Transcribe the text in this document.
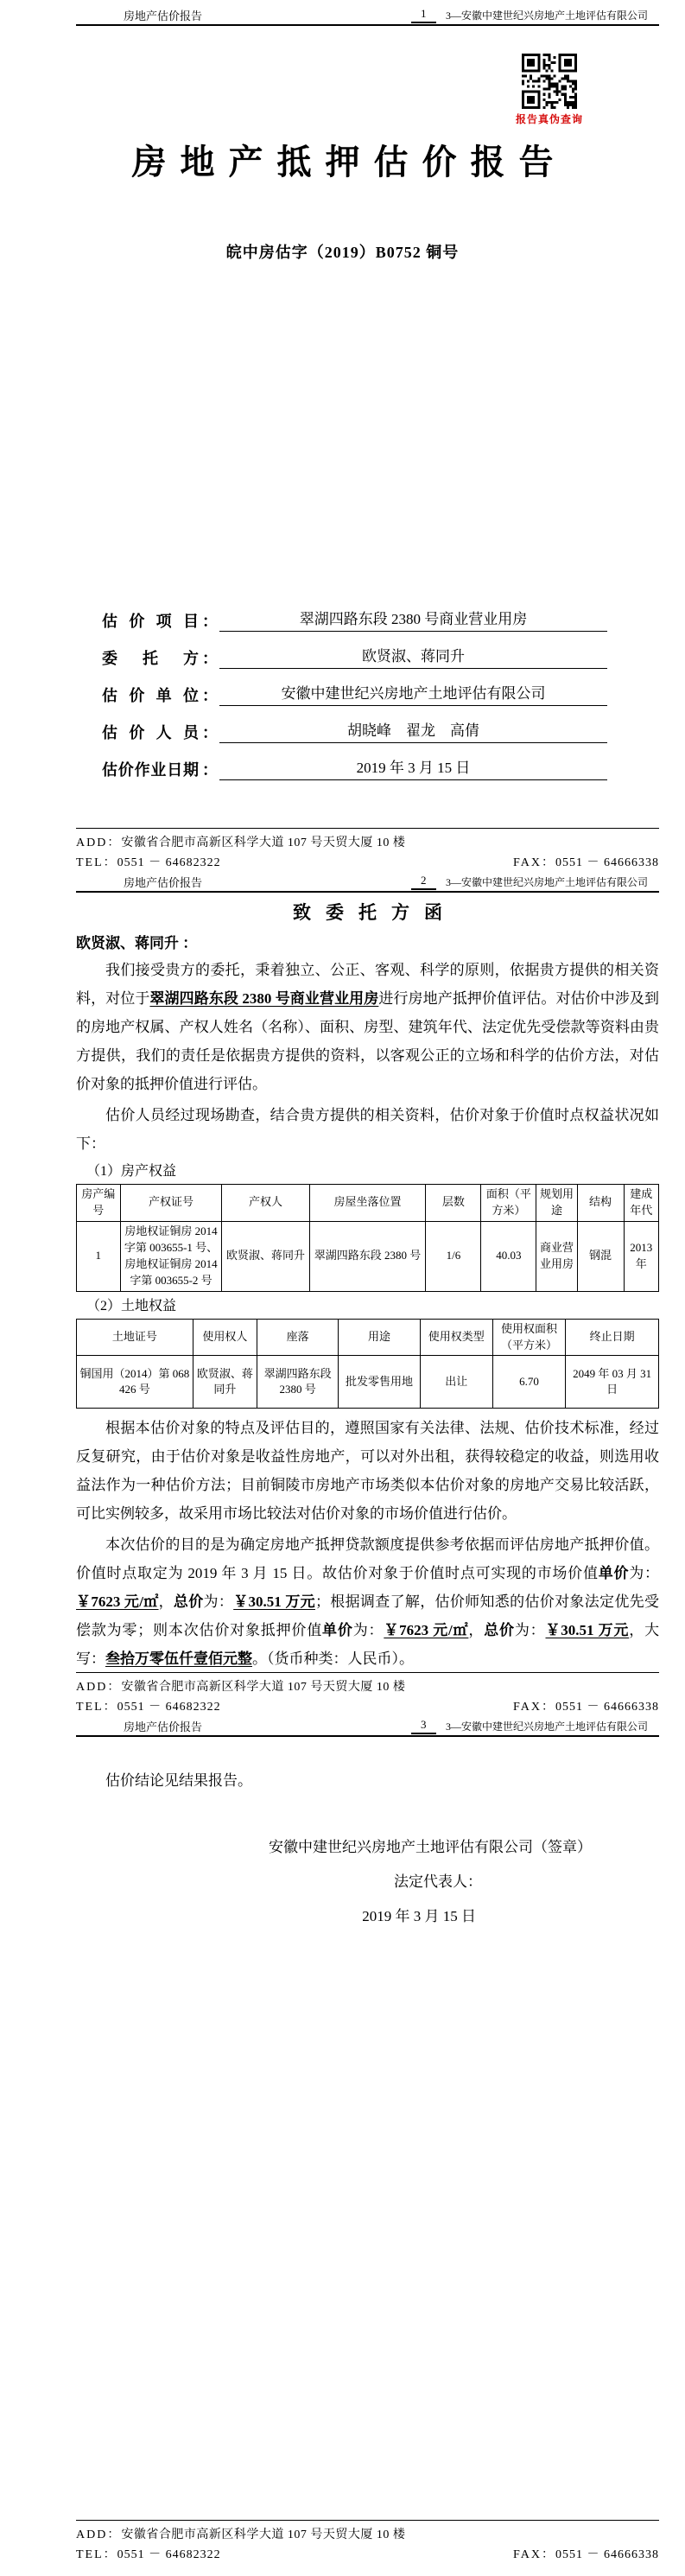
房地产估价报告	1	3—安徽中建世纪兴房地产土地评估有限公司
报告真伪查询
房地产抵押估价报告
皖中房估字（2019）B0752 铜号
估价项目 ：	翠湖四路东段 2380 号商业营业用房
委托方 ：	欧贤淑、蒋同升
估价单位 ：	安徽中建世纪兴房地产土地评估有限公司
估价人员 ：	胡晓峰　翟龙　高倩
估价作业日期 ：	2019 年 3 月 15 日
ADD：安徽省合肥市高新区科学大道 107 号天贸大厦 10 楼
TEL：0551 － 64682322	FAX：0551 － 64666338
房地产估价报告	2	3—安徽中建世纪兴房地产土地评估有限公司
致委托方函
欧贤淑、蒋同升 ：

我们接受贵方的委托，秉着独立、公正、客观、科学的原则，依据贵方提供的相关资料，对位于翠湖四路东段 2380 号商业营业用房进行房地产抵押价值评估。对估价中涉及到的房地产权属、产权人姓名（名称）、面积、房型、建筑年代、法定优先受偿款等资料由贵方提供，我们的责任是依据贵方提供的资料，以客观公正的立场和科学的估价方法，对估价对象的抵押价值进行评估。

估价人员经过现场勘查，结合贵方提供的相关资料，估价对象于价值时点权益状况如下：

（1）房产权益
房产编号	产权证号	产权人	房屋坐落位置	层数	面积（平方米）	规划用途	结构	建成年代
1	房地权证铜房 2014 字第 003655-1 号、房地权证铜房 2014 字第 003655-2 号	欧贤淑、蒋同升	翠湖四路东段 2380 号	1/6	40.03	商业营业用房	钢混	2013 年
（2）土地权益
土地证号	使用权人	座落	用途	使用权类型	使用权面积（平方米）	终止日期
铜国用（2014）第 068426 号	欧贤淑、蒋同升	翠湖四路东段 2380 号	批发零售用地	出让	6.70	2049 年 03 月 31 日

根据本估价对象的特点及评估目的，遵照国家有关法律、法规、估价技术标准，经过反复研究，由于估价对象是收益性房地产，可以对外出租，获得较稳定的收益，则选用收益法作为一种估价方法；目前铜陵市房地产市场类似本估价对象的房地产交易比较活跃，可比实例较多，故采用市场比较法对估价对象的市场价值进行估价。

本次估价的目的是为确定房地产抵押贷款额度提供参考依据而评估房地产抵押价值。价值时点取定为 2019 年 3 月 15 日。故估价对象于价值时点可实现的市场价值单价为：￥7623 元/㎡，总价为：￥30.51 万元；根据调查了解，估价师知悉的估价对象法定优先受偿款为零；则本次估价对象抵押价值单价为：￥7623 元/㎡，总价为：￥30.51 万元，大写：叁拾万零伍仟壹佰元整。（货币种类：人民币）。

ADD：安徽省合肥市高新区科学大道 107 号天贸大厦 10 楼
TEL：0551 － 64682322	FAX：0551 － 64666338
房地产估价报告	3	3—安徽中建世纪兴房地产土地评估有限公司
估价结论见结果报告。
安徽中建世纪兴房地产土地评估有限公司（签章）
法定代表人：
2019 年 3 月 15 日
ADD：安徽省合肥市高新区科学大道 107 号天贸大厦 10 楼
TEL：0551 － 64682322	FAX：0551 － 64666338
